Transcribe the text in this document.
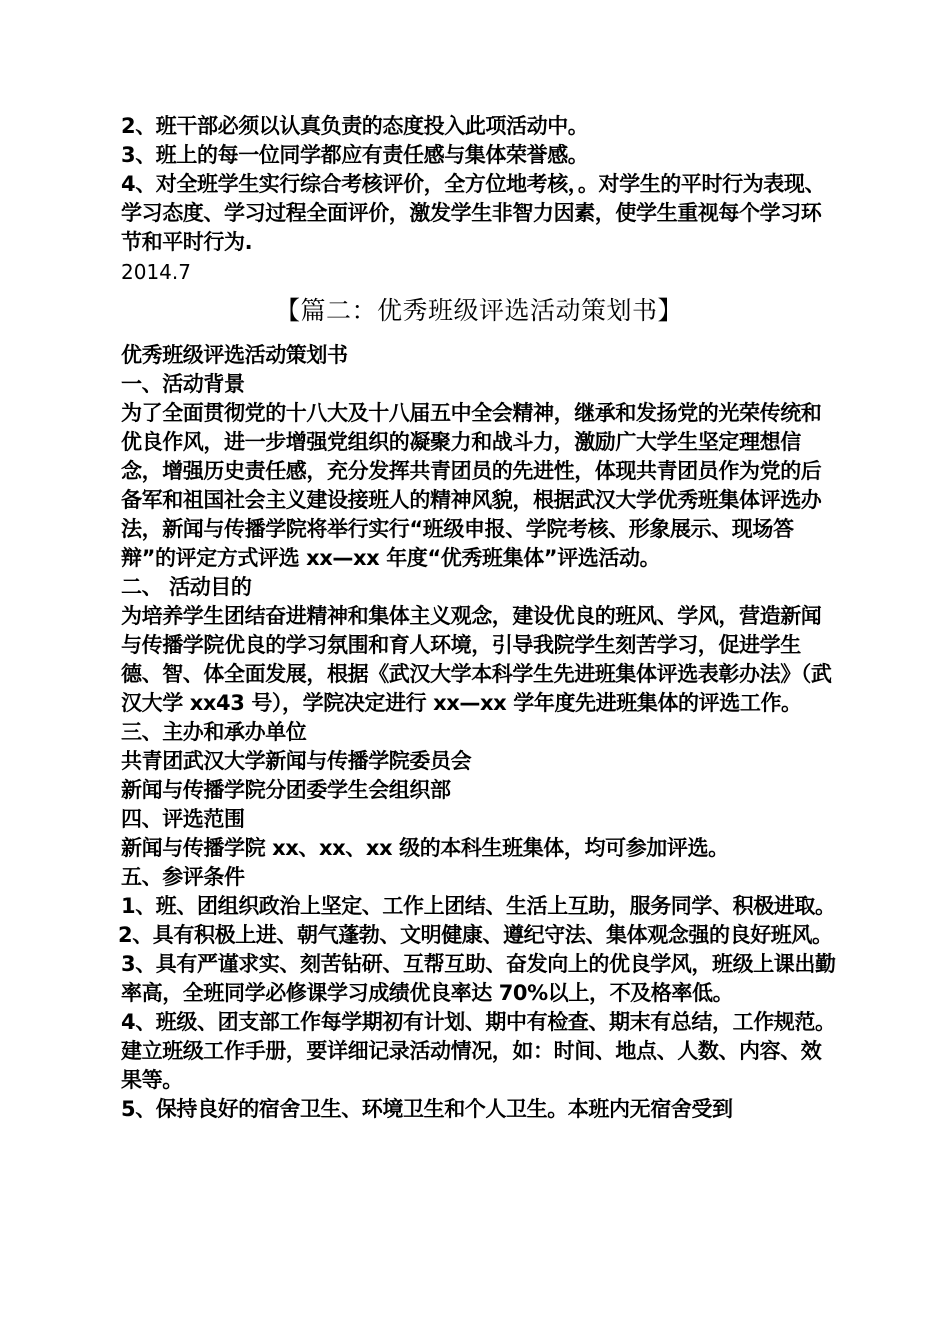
2、班干部必须以认真负责的态度投入此项活动中。

3、班上的每一位同学都应有责任感与集体荣誉感。

4、对全班学生实行综合考核评价，全方位地考核，。对学生的平时行为表现、学习态度、学习过程全面评价，激发学生非智力因素，使学生重视每个学习环节和平时行为.

2014.7

【篇二：优秀班级评选活动策划书】

优秀班级评选活动策划书

一、活动背景

为了全面贯彻党的十八大及十八届五中全会精神，继承和发扬党的光荣传统和优良作风，进一步增强党组织的凝聚力和战斗力，激励广大学生坚定理想信念，增强历史责任感，充分发挥共青团员的先进性，体现共青团员作为党的后备军和祖国社会主义建设接班人的精神风貌，根据武汉大学优秀班集体评选办法，新闻与传播学院将举行实行“班级申报、学院考核、形象展示、现场答辩”的评定方式评选 xx—xx 年度“优秀班集体”评选活动。

二、 活动目的

为培养学生团结奋进精神和集体主义观念，建设优良的班风、学风，营造新闻与传播学院优良的学习氛围和育人环境，引导我院学生刻苦学习，促进学生德、智、体全面发展，根据《武汉大学本科学生先进班集体评选表彰办法》（武汉大学 xx43 号），学院决定进行 xx—xx 学年度先进班集体的评选工作。

三、主办和承办单位

共青团武汉大学新闻与传播学院委员会

新闻与传播学院分团委学生会组织部

四、评选范围

新闻与传播学院 xx、xx、xx 级的本科生班集体，均可参加评选。

五、参评条件

1、班、团组织政治上坚定、工作上团结、生活上互助，服务同学、积极进取。

2、具有积极上进、朝气蓬勃、文明健康、遵纪守法、集体观念强的良好班风。

3、具有严谨求实、刻苦钻研、互帮互助、奋发向上的优良学风，班级上课出勤率高，全班同学必修课学习成绩优良率达 70%以上，不及格率低。

4、班级、团支部工作每学期初有计划、期中有检查、期末有总结，工作规范。建立班级工作手册，要详细记录活动情况，如：时间、地点、人数、内容、效果等。

5、保持良好的宿舍卫生、环境卫生和个人卫生。本班内无宿舍受到
